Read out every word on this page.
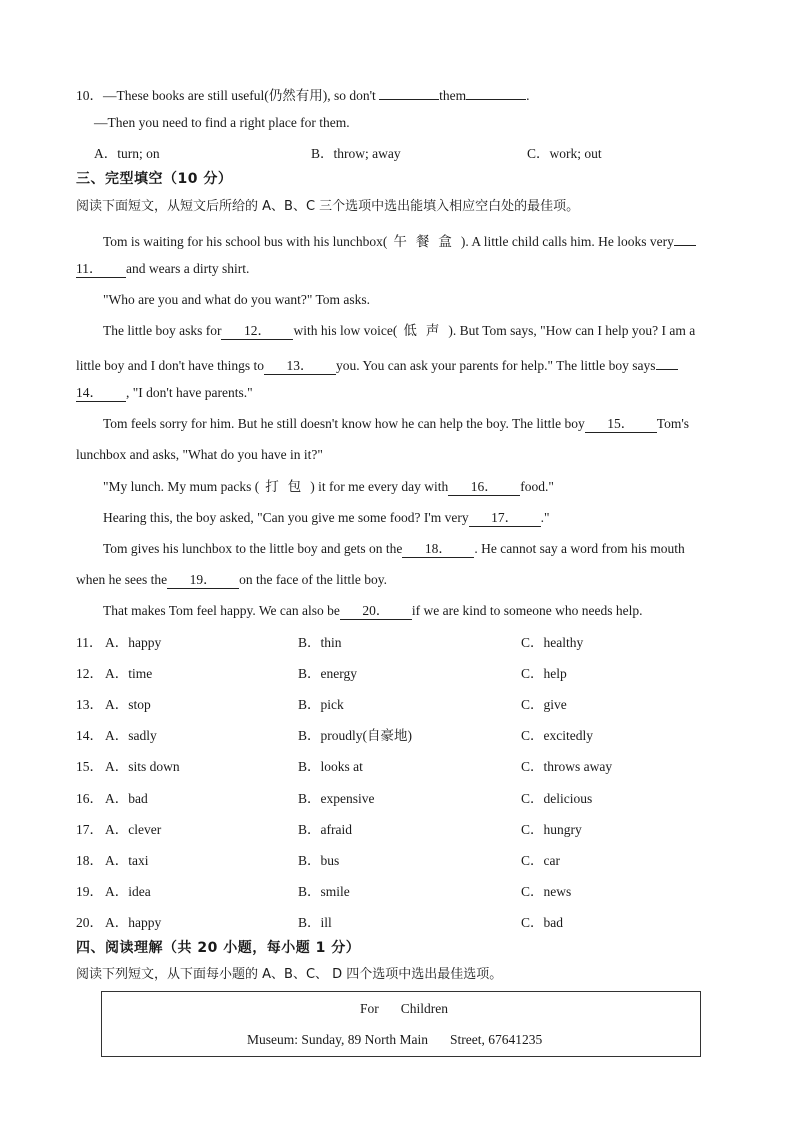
10．—These books are still useful(仍然有用), so don't	them	.
—Then you need to find a right place for them.
A．turn; on	B．throw; away	C．work; out
三、完型填空（10 分）
阅读下面短文，从短文后所给的 A、B、C 三个选项中选出能填入相应空白处的最佳项。
Tom is waiting for his school bus with his lunchbox( 午餐盒). A little child calls him. He looks very
11． and wears a dirty shirt.
"Who are you and what do you want?" Tom asks.
The little boy asks for 12． with his low voice( 低声). But Tom says, "How can I help you? I am a
little boy and I don't have things to 13． you. You can ask your parents for help." The little boy says
14． , "I don't have parents."
Tom feels sorry for him. But he still doesn't know how he can help the boy. The little boy 15． Tom's
lunchbox and asks, "What do you have in it?"
"My lunch. My mum packs ( 打包) it for me every day with 16． food."
Hearing this, the boy asked, "Can you give me some food? I'm very 17． ."
Tom gives his lunchbox to the little boy and gets on the 18． . He cannot say a word from his mouth
when he sees the 19． on the face of the little boy.
That makes Tom feel happy. We can also be 20． if we are kind to someone who needs help.
11． A．happy	B．thin	C．healthy
12． A．time	B．energy	C．help
13． A．stop	B．pick	C．give
14． A．sadly	B．proudly(自豪地)	C．excitedly
15． A．sits down	B．looks at	C．throws away
16． A．bad	B．expensive	C．delicious
17． A．clever	B．afraid	C．hungry
18． A．taxi	B．bus	C．car
19． A．idea	B．smile	C．news
20． A．happy	B．ill	C．bad
四、阅读理解（共 20 小题，每小题 1 分）
阅读下列短文，从下面每小题的 A、B、C、 D 四个选项中选出最佳选项。
For Children
Museum: Sunday, 89 North Main Street, 67641235
